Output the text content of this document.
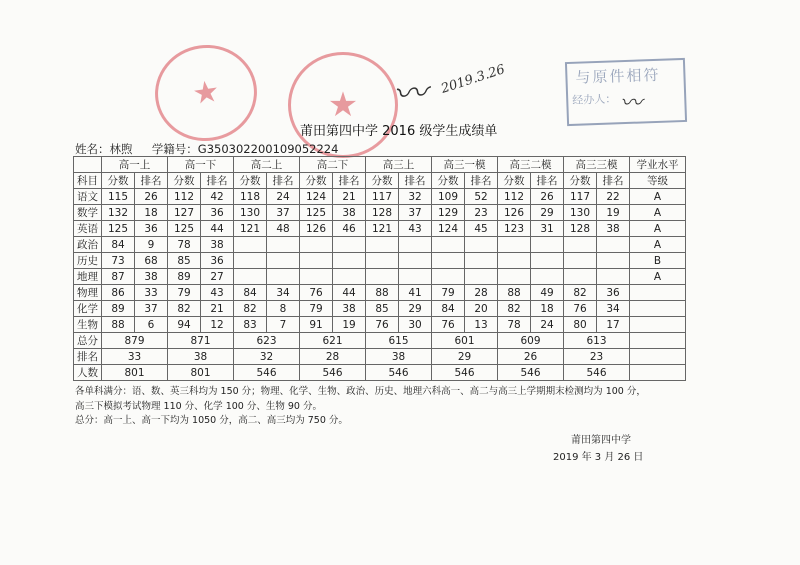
★	★ 〰 2019.3.26	与原件相符
经办人： 〰
莆田第四中学 2016 级学生成绩单
姓名：林煦 学籍号：G350302200109052224
	高一上		高一下		高二上		高二下		高三上		高三一模		高三二模		高三三模		学业水平
科目	分数	排名	分数	排名	分数	排名	分数	排名	分数	排名	分数	排名	分数	排名	分数	排名	等级
语文	115	26	112	42	118	24	124	21	117	32	109	52	112	26	117	22	A
数学	132	18	127	36	130	37	125	38	128	37	129	23	126	29	130	19	A
英语	125	36	125	44	121	48	126	46	121	43	124	45	123	31	128	38	A
政治	84	9	78	38													A
历史	73	68	85	36													B
地理	87	38	89	27													A
物理	86	33	79	43	84	34	76	44	88	41	79	28	88	49	82	36	
化学	89	37	82	21	82	8	79	38	85	29	84	20	82	18	76	34	
生物	88	6	94	12	83	7	91	19	76	30	76	13	78	24	80	17	
总分	879		871		623		621		615		601		609		613		
排名	33		38		32		28		38		29		26		23		
人数	801		801		546		546		546		546		546		546		
各单科满分：语、数、英三科均为 150 分；物理、化学、生物、政治、历史、地理六科高一、高二与高三上学期期末检测均为 100 分，
高三下模拟考试物理 110 分、化学 100 分、生物 90 分。
总分：高一上、高一下均为 1050 分，高二、高三均为 750 分。
莆田第四中学
2019 年 3 月 26 日
